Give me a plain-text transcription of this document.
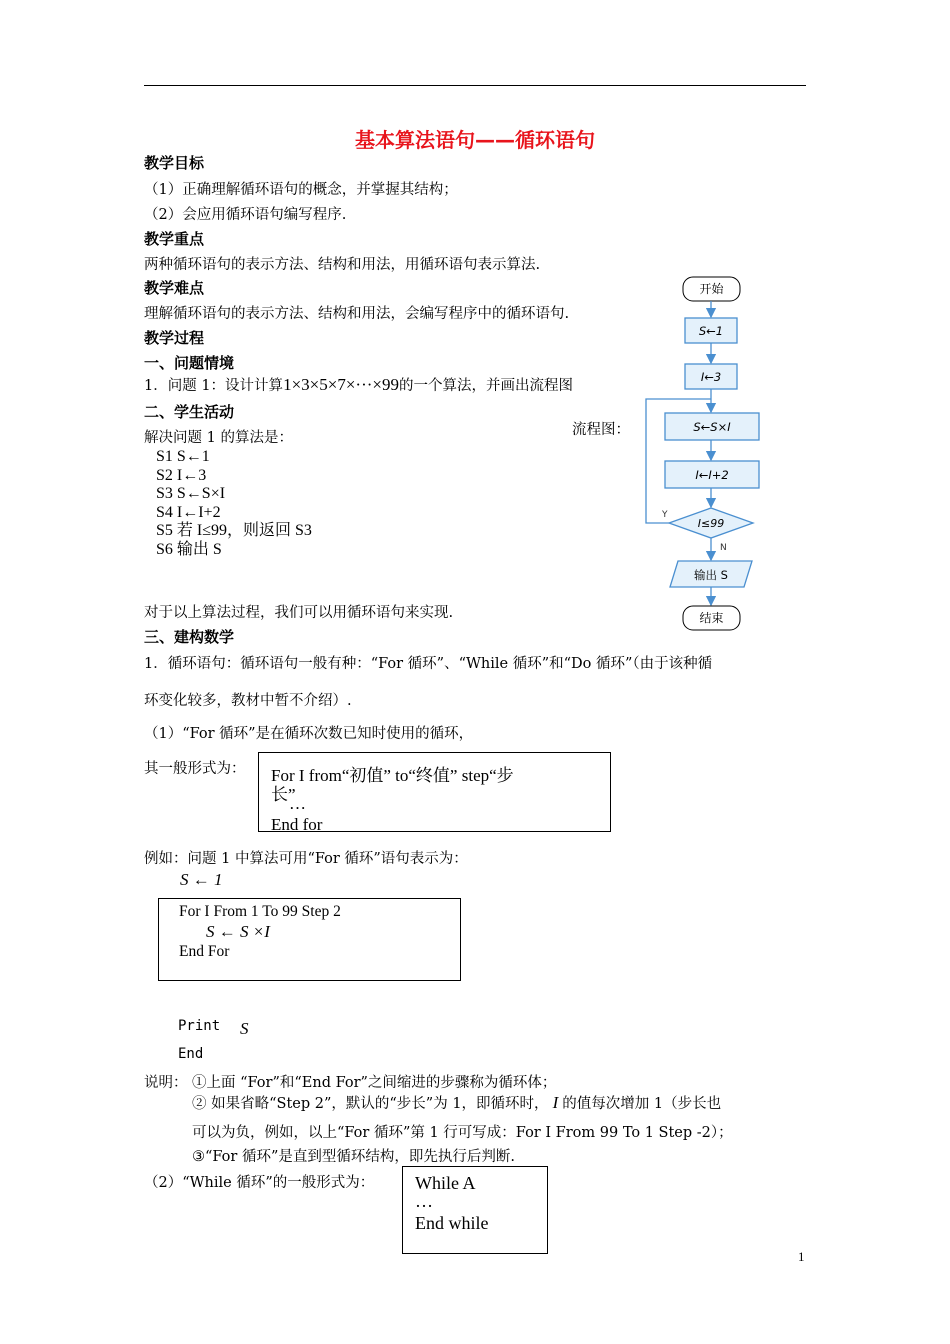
基本算法语句——循环语句
教学目标
（1）正确理解循环语句的概念，并掌握其结构；
（2）会应用循环语句编写程序.
教学重点
两种循环语句的表示方法、结构和用法，用循环语句表示算法.
教学难点
理解循环语句的表示方法、结构和用法，会编写程序中的循环语句.
教学过程
一、问题情境
1．问题 1：设计计算1×3×5×7×···×99的一个算法，并画出流程图
二、学生活动
解决问题 1 的算法是：
S1 S←1
S2 I←3
S3 S←S×I
S4 I←I+2
S5 若 I≤99，则返回 S3
S6 输出 S
流程图：
开始
S←1
I←3
S←S×I
I←I+2
I≤99
Y
N
输出 S
结束
对于以上算法过程，我们可以用循环语句来实现.
三、建构数学
1．循环语句：循环语句一般有种：“For 循环”、“While 循环”和“Do 循环”（由于该种循
环变化较多，教材中暂不介绍）.
（1）“For 循环”是在循环次数已知时使用的循环，
其一般形式为： For I from“初值” to“终值” step“步
长”
…
End for
例如：问题 1 中算法可用“For 循环”语句表示为：
S ← 1
For I From 1 To 99 Step 2
S ← S ×I
End For
Print S
End
说明： ①上面 “For”和“End For”之间缩进的步骤称为循环体；
② 如果省略“Step 2”，默认的“步长”为 1，即循环时， I 的值每次增加 1（步长也
可以为负，例如，以上“For 循环”第 1 行可写成：For I From 99 To 1 Step -2）；
③“For 循环”是直到型循环结构，即先执行后判断.
（2）“While 循环”的一般形式为： While A
…
End while
1
